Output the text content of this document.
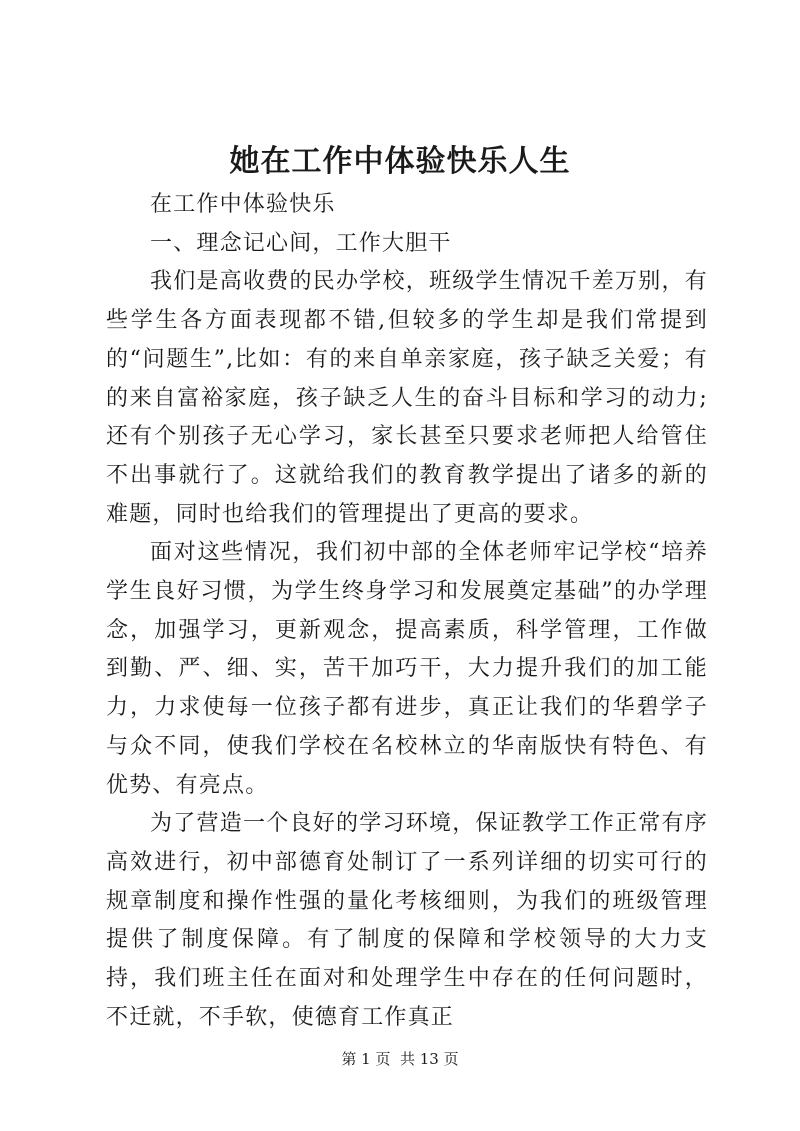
她在工作中体验快乐人生

在工作中体验快乐

一、理念记心间，工作大胆干

我们是高收费的民办学校，班级学生情况千差万别，有些学生各方面表现都不错,但较多的学生却是我们常提到的“问题生”,比如：有的来自单亲家庭，孩子缺乏关爱；有的来自富裕家庭，孩子缺乏人生的奋斗目标和学习的动力;还有个别孩子无心学习，家长甚至只要求老师把人给管住不出事就行了。这就给我们的教育教学提出了诸多的新的难题，同时也给我们的管理提出了更高的要求。

面对这些情况，我们初中部的全体老师牢记学校“培养学生良好习惯，为学生终身学习和发展奠定基础”的办学理念，加强学习，更新观念，提高素质，科学管理，工作做到勤、严、细、实，苦干加巧干，大力提升我们的加工能力，力求使每一位孩子都有进步，真正让我们的华碧学子与众不同，使我们学校在名校林立的华南版快有特色、有优势、有亮点。

为了营造一个良好的学习环境，保证教学工作正常有序高效进行，初中部德育处制订了一系列详细的切实可行的规章制度和操作性强的量化考核细则，为我们的班级管理提供了制度保障。有了制度的保障和学校领导的大力支持，我们班主任在面对和处理学生中存在的任何问题时，不迁就，不手软，使德育工作真正

第 1 页  共 13 页
